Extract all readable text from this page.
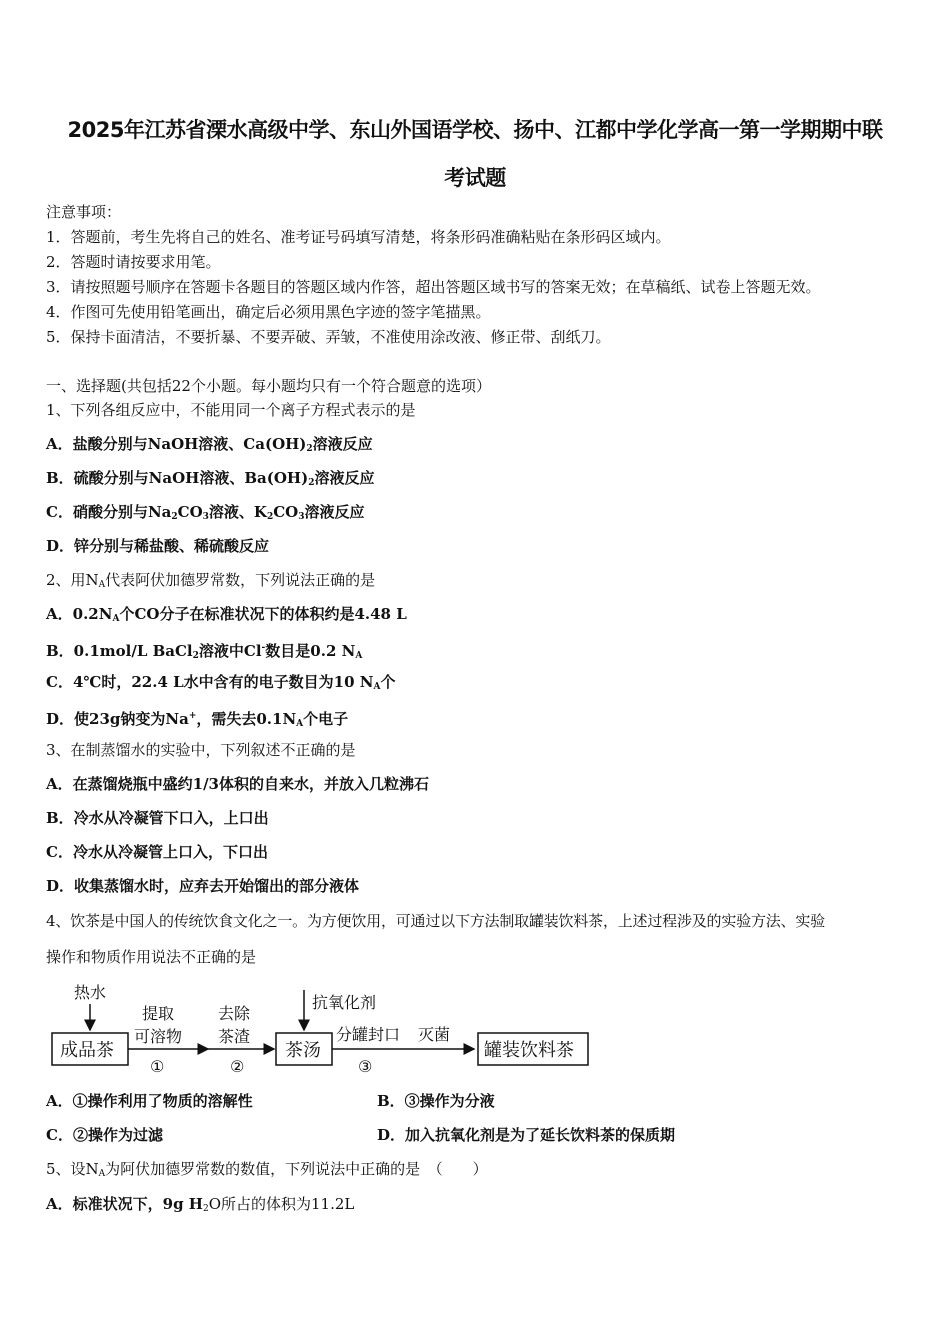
2025年江苏省溧水高级中学、东山外国语学校、扬中、江都中学化学高一第一学期期中联
考试题
注意事项：
1．答题前，考生先将自己的姓名、准考证号码填写清楚，将条形码准确粘贴在条形码区域内。
2．答题时请按要求用笔。
3．请按照题号顺序在答题卡各题目的答题区域内作答，超出答题区域书写的答案无效；在草稿纸、试卷上答题无效。
4．作图可先使用铅笔画出，确定后必须用黑色字迹的签字笔描黑。
5．保持卡面清洁，不要折暴、不要弄破、弄皱，不准使用涂改液、修正带、刮纸刀。
一、选择题(共包括22个小题。每小题均只有一个符合题意的选项）
1、下列各组反应中，不能用同一个离子方程式表示的是
A．盐酸分别与NaOH溶液、$Ca(OH)_2$溶液反应
B．硫酸分别与NaOH溶液、$Ba(OH)_2$溶液反应
C．硝酸分别与$Na_2CO_3$溶液、$K_2CO_3$溶液反应
D．锌分别与稀盐酸、稀硫酸反应
2、用$N_A$代表阿伏加德罗常数，下列说法正确的是
A．$0.2N_A$个CO分子在标准状况下的体积约是4.48 L
B．0.1mol/L BaCl$_2$溶液中Cl-数目是0.2 $N_A$
C．4℃时，22.4 L水中含有的电子数目为10 $N_A$个
D．使23g钠变为Na+，需失去$0.1N_A$个电子
3、在制蒸馏水的实验中，下列叙述不正确的是
A．在蒸馏烧瓶中盛约1/3体积的自来水，并放入几粒沸石
B．冷水从冷凝管下口入，上口出
C．冷水从冷凝管上口入，下口出
D．收集蒸馏水时，应弃去开始馏出的部分液体
4、饮茶是中国人的传统饮食文化之一。为方便饮用，可通过以下方法制取罐装饮料茶，上述过程涉及的实验方法、实验
操作和物质作用说法不正确的是
热水
成品茶
提取
可溶物
①
去除
茶渣
②
抗氧化剂
茶汤
分罐封口
③
灭菌
罐装饮料茶
A．①操作利用了物质的溶解性	B．③操作为分液
C．②操作为过滤	D．加入抗氧化剂是为了延长饮料茶的保质期
5、设$N_A$为阿伏加德罗常数的数值，下列说法中正确的是　（　　）
A．标准状况下，9g $H_2O$所占的体积为11.2L
